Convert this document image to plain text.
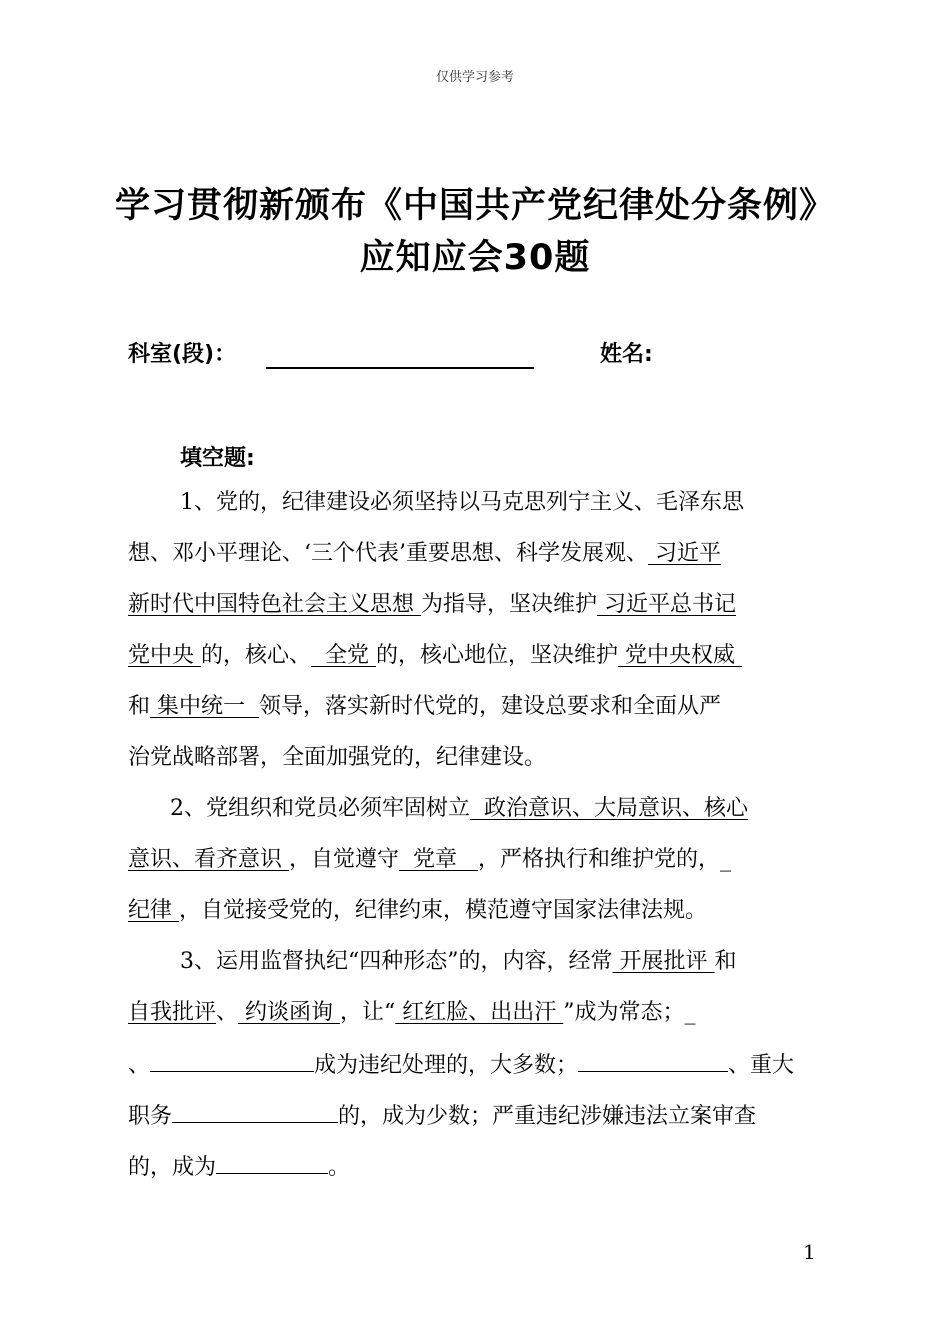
仅供学习参考
学习贯彻新颁布《中国共产党纪律处分条例》
应知应会30题
科室(段)：	姓名:
填空题:
1、党的，纪律建设必须坚持以马克思列宁主义、毛泽东思
想、邓小平理论、‘三个代表’重要思想、科学发展观、 习近平
新时代中国特色社会主义思想 为指导，坚决维护 习近平总书记
党中央 的，核心、  全党 的，核心地位，坚决维护 党中央权威
和 集中统一  领导，落实新时代党的，建设总要求和全面从严
治党战略部署，全面加强党的，纪律建设。
2、党组织和党员必须牢固树立  政治意识、大局意识、核心
意识、看齐意识 ，自觉遵守  党章   ，严格执行和维护党的，_
纪律 ，自觉接受党的，纪律约束，模范遵守国家法律法规。
3、运用监督执纪“四种形态”的，内容，经常 开展批评 和
自我批评、 约谈函询 ，让“ 红红脸、出出汗 ”成为常态；_
、	成为违纪处理的，大多数；	、重大
职务	的，成为少数；严重违纪涉嫌违法立案审查
的，成为	。
1
